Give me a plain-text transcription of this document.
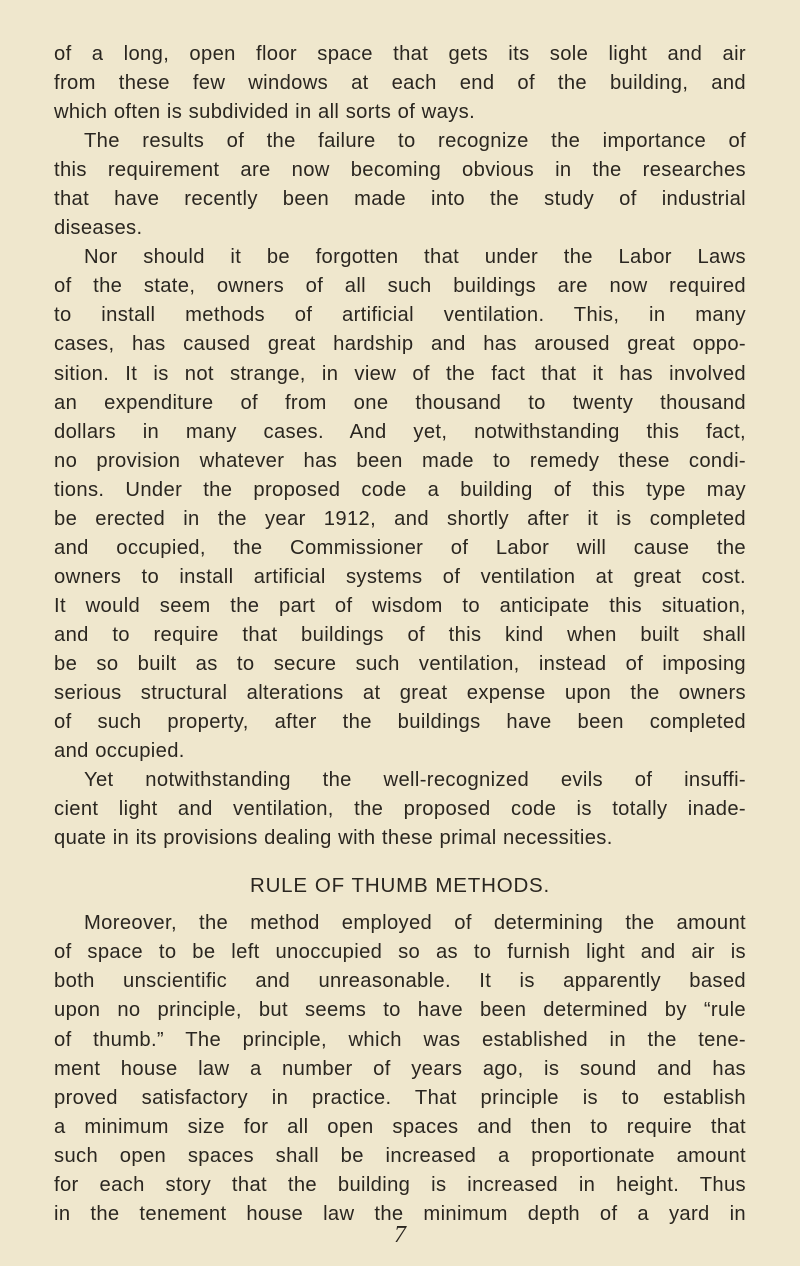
of a long, open floor space that gets its sole light and air
from these few windows at each end of the building, and
which often is subdivided in all sorts of ways.
The results of the failure to recognize the importance of
this requirement are now becoming obvious in the researches
that have recently been made into the study of industrial
diseases.
Nor should it be forgotten that under the Labor Laws
of the state, owners of all such buildings are now required
to install methods of artificial ventilation. This, in many
cases, has caused great hardship and has aroused great oppo-
sition. It is not strange, in view of the fact that it has involved
an expenditure of from one thousand to twenty thousand
dollars in many cases. And yet, notwithstanding this fact,
no provision whatever has been made to remedy these condi-
tions. Under the proposed code a building of this type may
be erected in the year 1912, and shortly after it is completed
and occupied, the Commissioner of Labor will cause the
owners to install artificial systems of ventilation at great cost.
It would seem the part of wisdom to anticipate this situation,
and to require that buildings of this kind when built shall
be so built as to secure such ventilation, instead of imposing
serious structural alterations at great expense upon the owners
of such property, after the buildings have been completed
and occupied.
Yet notwithstanding the well-recognized evils of insuffi-
cient light and ventilation, the proposed code is totally inade-
quate in its provisions dealing with these primal necessities.
RULE OF THUMB METHODS.
Moreover, the method employed of determining the amount
of space to be left unoccupied so as to furnish light and air is
both unscientific and unreasonable. It is apparently based
upon no principle, but seems to have been determined by “rule
of thumb.” The principle, which was established in the tene-
ment house law a number of years ago, is sound and has
proved satisfactory in practice. That principle is to establish
a minimum size for all open spaces and then to require that
such open spaces shall be increased a proportionate amount
for each story that the building is increased in height. Thus
in the tenement house law the minimum depth of a yard in
7
